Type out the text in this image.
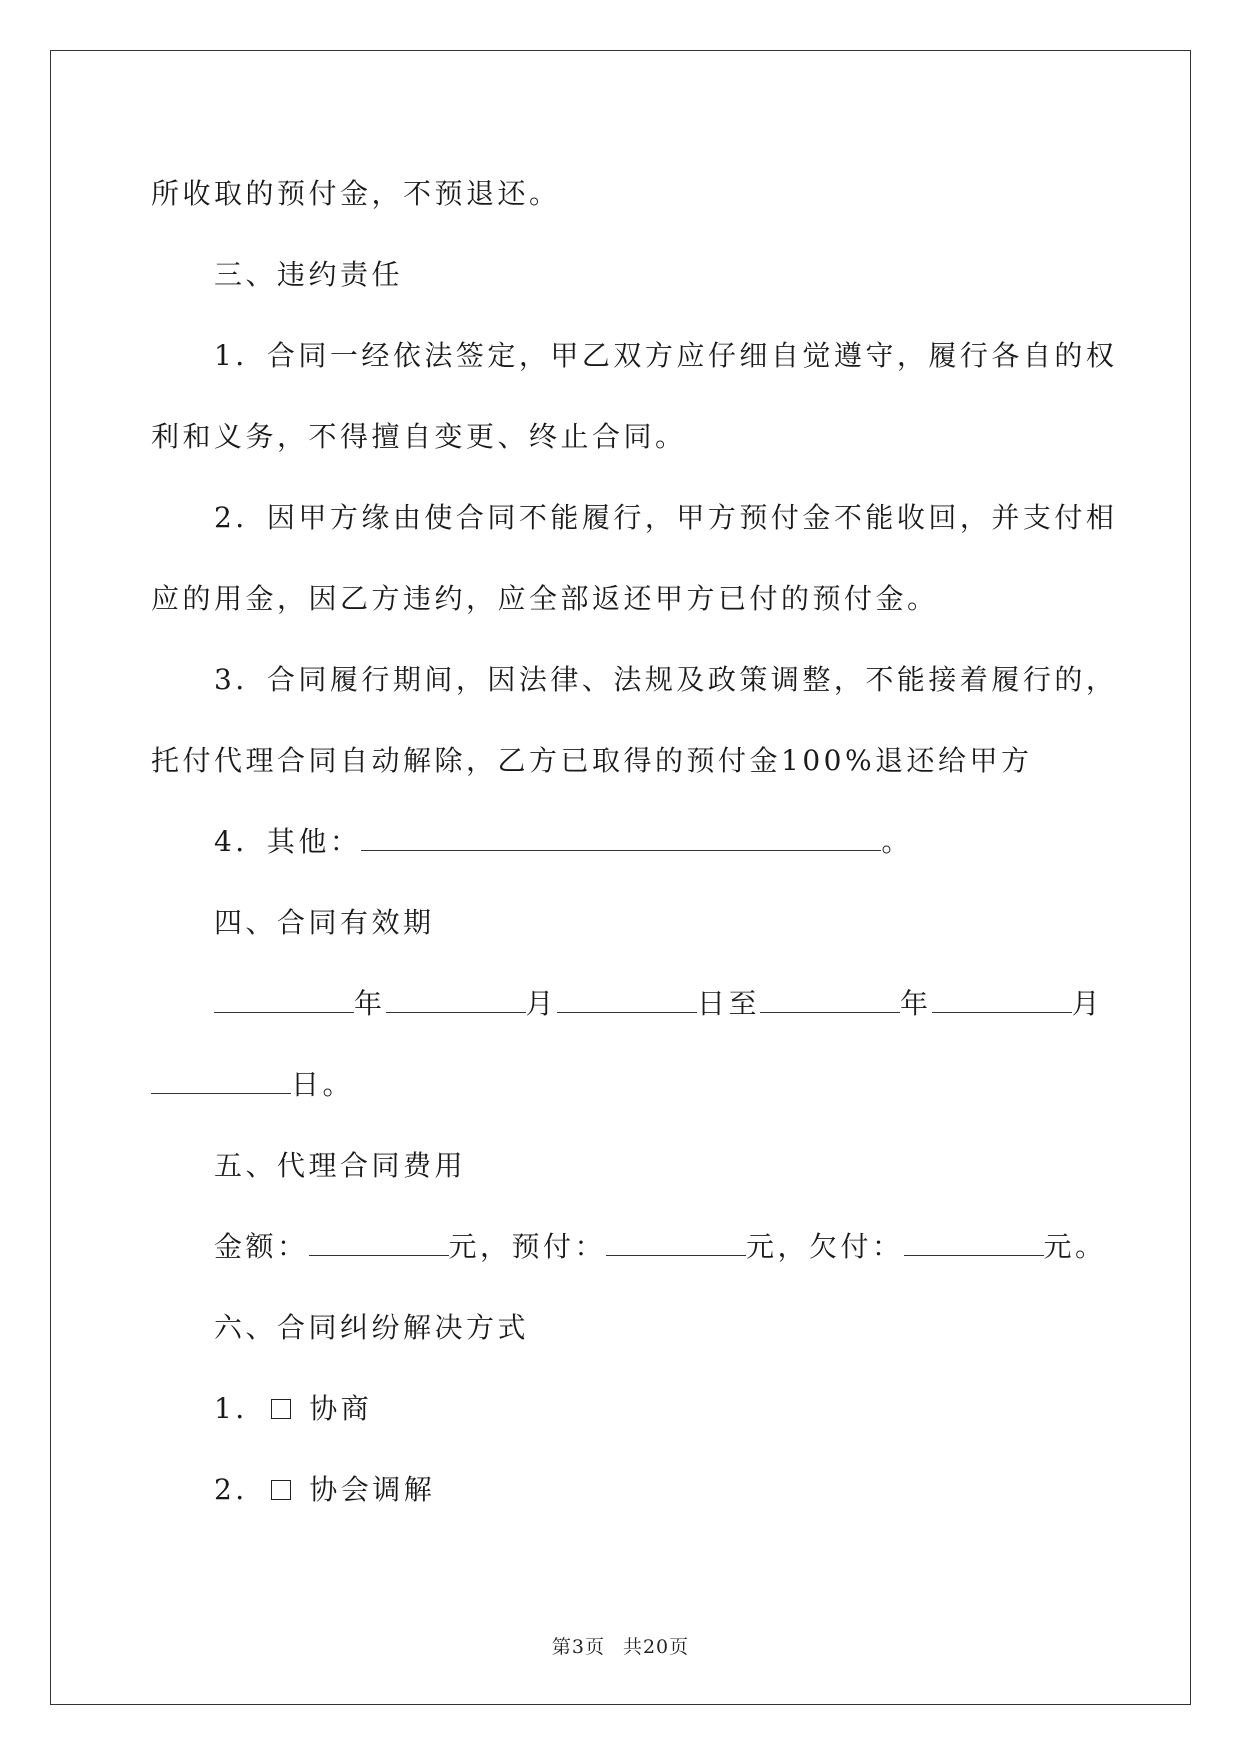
所收取的预付金，不预退还。
三、违约责任
1．合同一经依法签定，甲乙双方应仔细自觉遵守，履行各自的权
利和义务，不得擅自变更、终止合同。
2．因甲方缘由使合同不能履行，甲方预付金不能收回，并支付相
应的用金，因乙方违约，应全部返还甲方已付的预付金。
3．合同履行期间，因法律、法规及政策调整，不能接着履行的，
托付代理合同自动解除，乙方已取得的预付金100%退还给甲方
4．其他：	。
四、合同有效期
年	月	日至	年	月
日。
五、代理合同费用
金额：	元，预付：	元，欠付：	元。
六、合同纠纷解决方式
1． 协商
2． 协会调解
第3页 共20页
